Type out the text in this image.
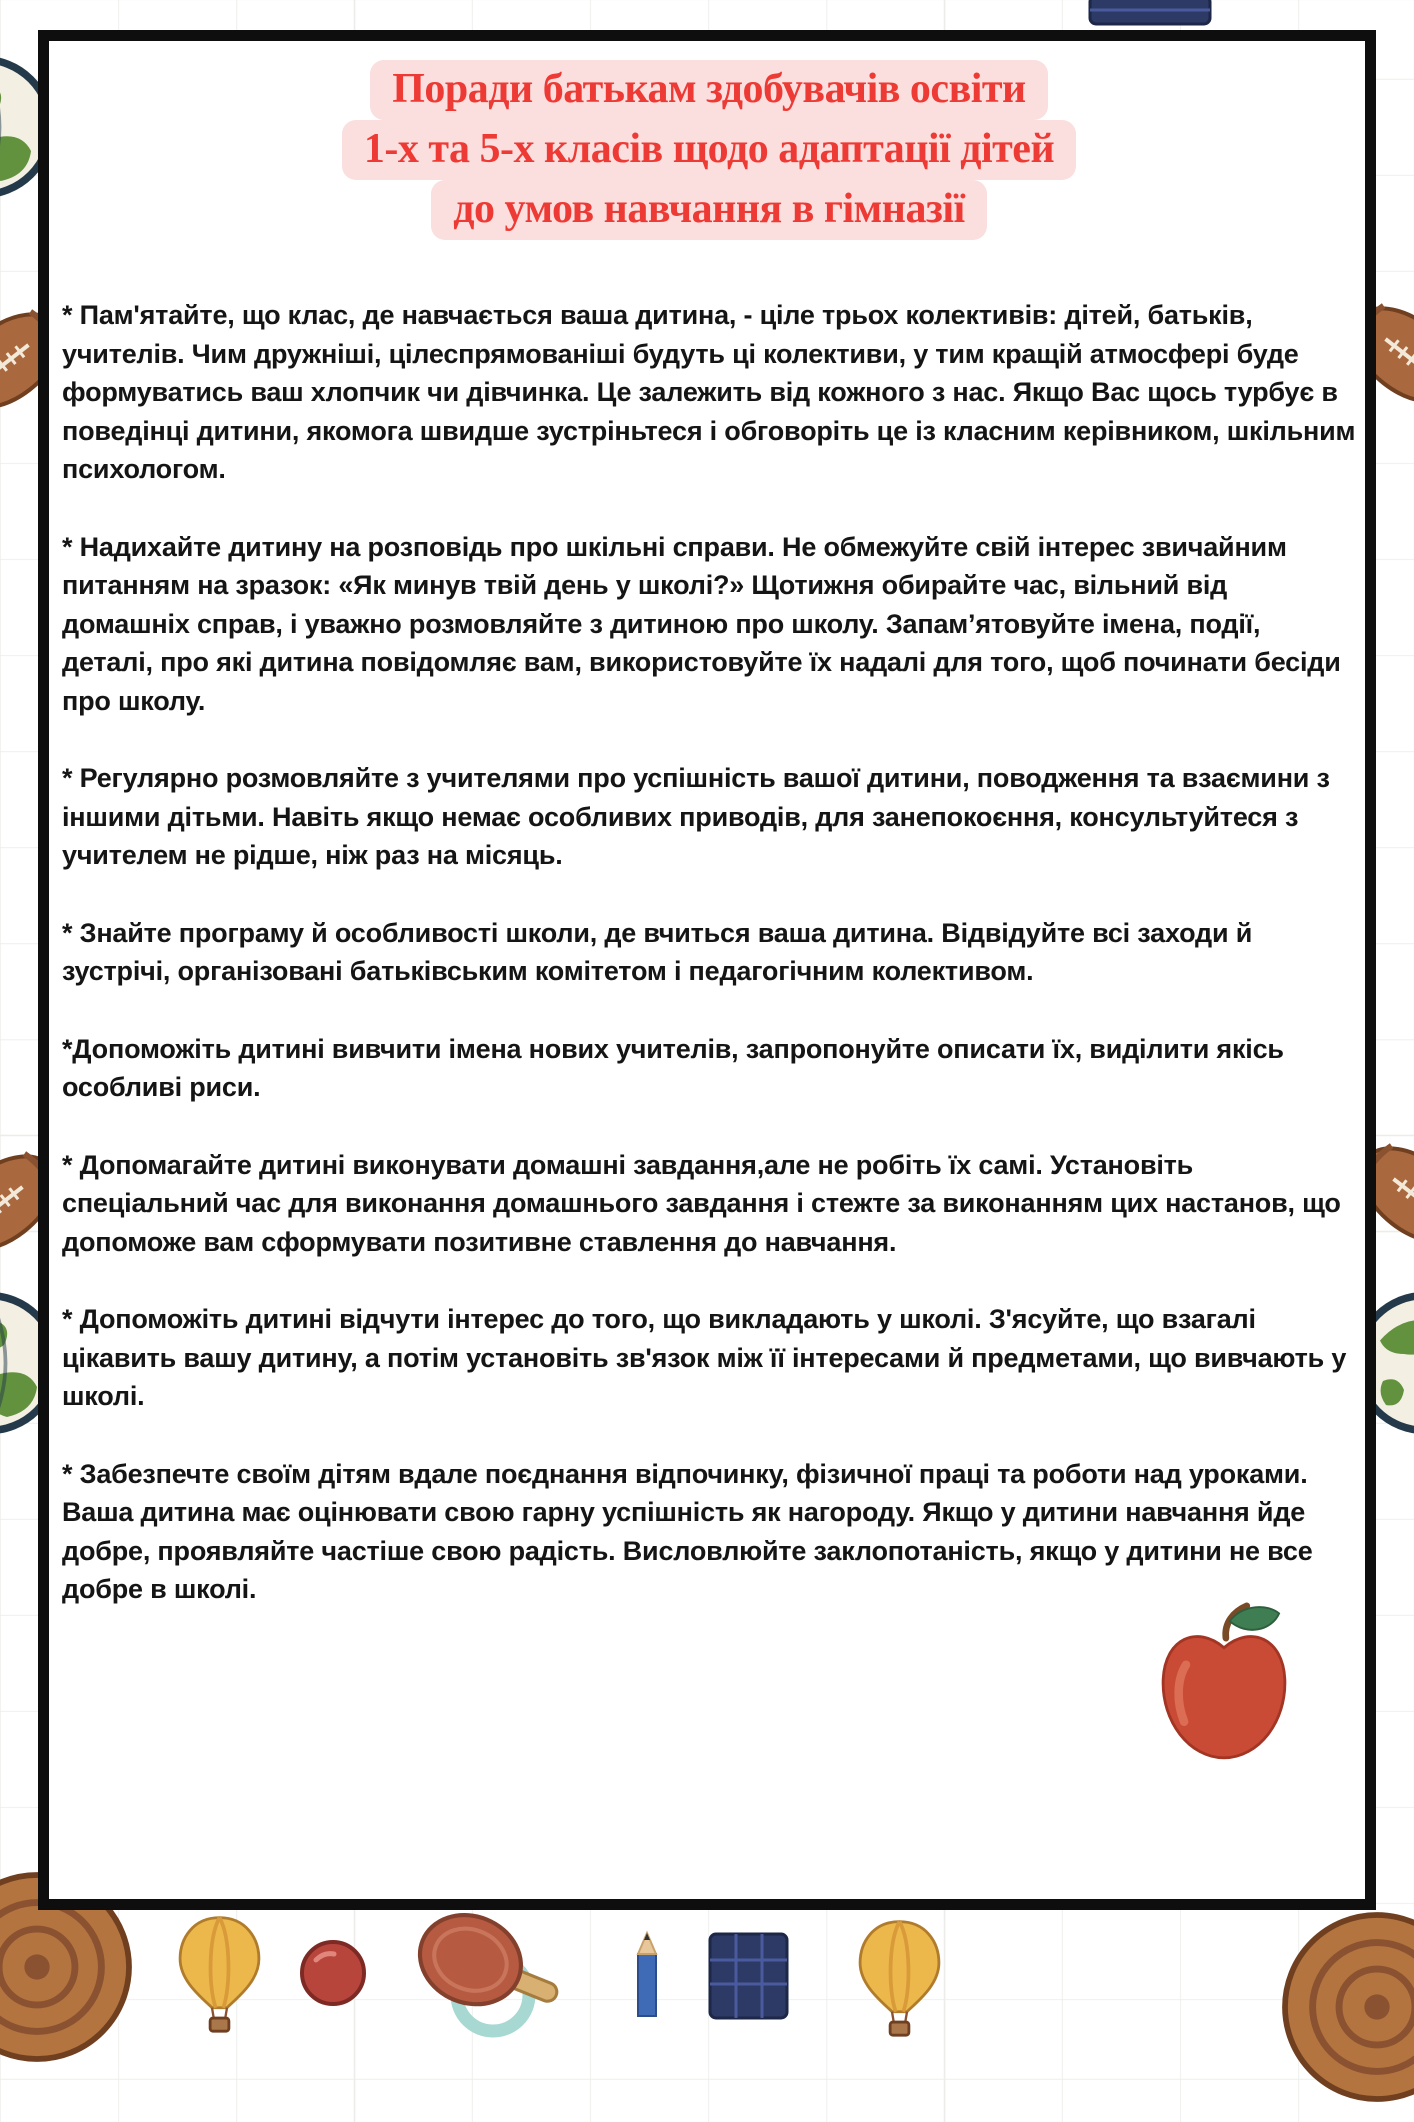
Поради батькам здобувачів освіти
1-х та 5-х класів щодо адаптації дітей
до умов навчання в гімназії

* Пам'ятайте, що клас, де навчається ваша дитина, - ціле трьох колективів: дітей, батьків, учителів. Чим дружніші, цілеспрямованіші будуть ці колективи, у тим кращій атмосфері буде формуватись ваш хлопчик чи дівчинка. Це залежить від кожного з нас. Якщо Вас щось турбує в поведінці дитини, якомога швидше зустріньтеся і обговоріть це із класним керівником, шкільним психологом.

* Надихайте дитину на розповідь про шкільні справи. Не обмежуйте свій інтерес звичайним питанням на зразок: «Як минув твій день у школі?» Щотижня обирайте час, вільний від домашніх справ, і уважно розмовляйте з дитиною про школу. Запам’ятовуйте імена, події, деталі, про які дитина повідомляє вам, використовуйте їх надалі для того, щоб починати бесіди про школу.

* Регулярно розмовляйте з учителями про успішність вашої дитини, поводження та взаємини з іншими дітьми. Навіть якщо немає особливих приводів, для занепокоєння, консультуйтеся з учителем не рідше, ніж раз на місяць.

* Знайте програму й особливості школи, де вчиться ваша дитина. Відвідуйте всі заходи й зустрічі, організовані батьківським комітетом і педагогічним колективом.

*Допоможіть дитині вивчити імена нових учителів, запропонуйте описати їх, виділити якісь особливі риси.

* Допомагайте дитині виконувати домашні завдання,але не робіть їх самі. Установіть спеціальний час для виконання домашнього завдання і стежте за виконанням цих настанов, що допоможе вам сформувати позитивне ставлення до навчання.

* Допоможіть дитині відчути інтерес до того, що викладають у школі. З'ясуйте, що взагалі цікавить вашу дитину, а потім установіть зв'язок між її інтересами й предметами, що вивчають у школі.

* Забезпечте своїм дітям вдале поєднання відпочинку, фізичної праці та роботи над уроками. Ваша дитина має оцінювати свою гарну успішність як нагороду. Якщо у дитини навчання йде добре, проявляйте частіше свою радість. Висловлюйте заклопотаність, якщо у дитини не все добре в школі.
